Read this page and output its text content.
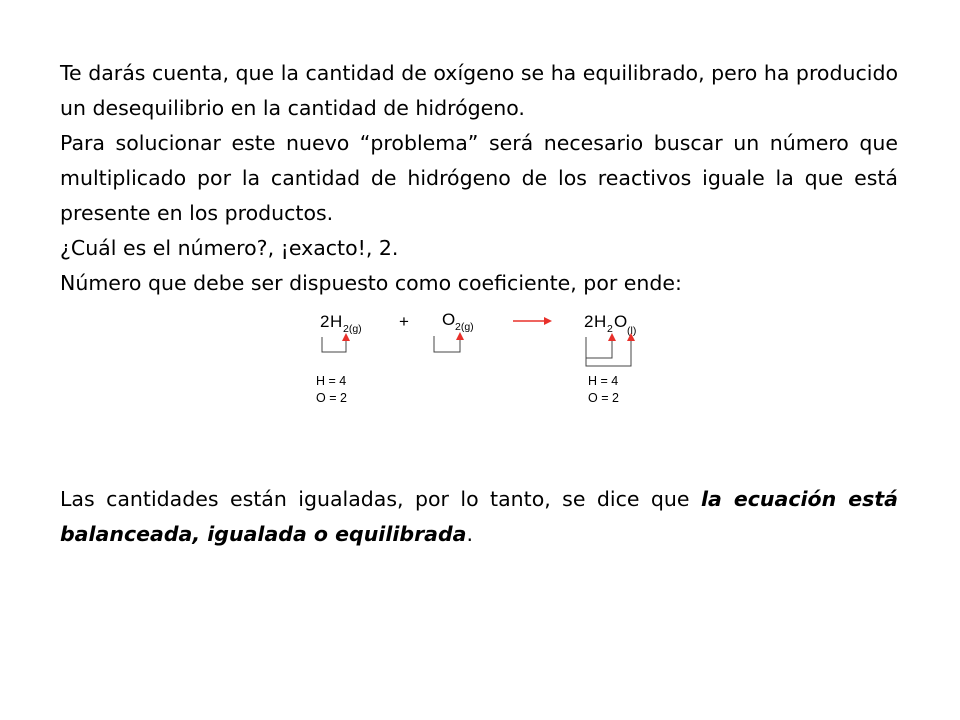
Te darás cuenta, que la cantidad de oxígeno se ha equilibrado, pero ha producido un desequilibrio en la cantidad de hidrógeno.

Para solucionar este nuevo “problema” será necesario buscar un número que multiplicado por la cantidad de hidrógeno de los reactivos iguale la que está presente en los productos.

¿Cuál es el número?, ¡exacto!, 2.

Número que debe ser dispuesto como coeficiente, por ende:

2 H 2(g) + O 2(g)	2 H 2 O (l)
H = 4
O = 2
H = 4
O = 2

Las cantidades están igualadas, por lo tanto, se dice que la ecuación está balanceada, igualada o equilibrada.
